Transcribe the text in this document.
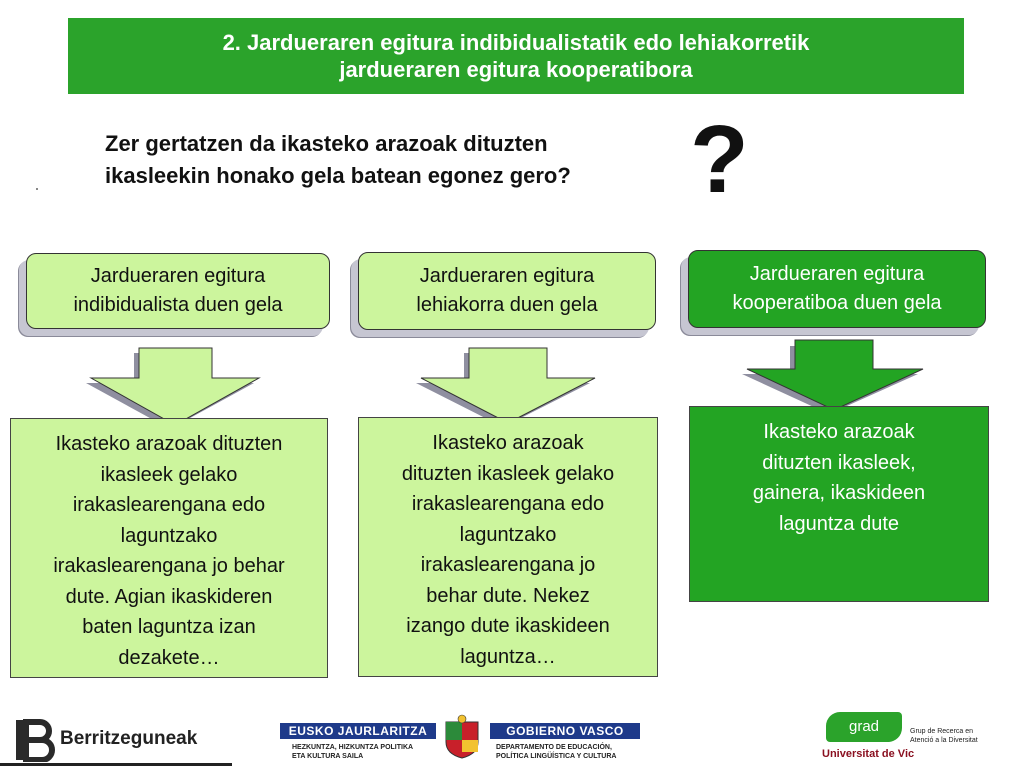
2. Jardueraren egitura indibidualistatik edo lehiakorretik
jardueraren egitura kooperatibora
Zer gertatzen da ikasteko arazoak dituzten
ikasleekin honako gela batean egonez gero?	?
Jardueraren egitura
indibidualista duen gela
Jardueraren egitura
lehiakorra duen gela
Jardueraren egitura
kooperatiboa duen gela
Ikasteko arazoak dituzten
ikasleek gelako
irakaslearengana edo
laguntzako
irakaslearengana jo behar
dute. Agian ikaskideren
baten laguntza izan
dezakete…
Ikasteko arazoak
dituzten ikasleek gelako
irakaslearengana edo
laguntzako
irakaslearengana jo
behar dute. Nekez
izango dute ikaskideen
laguntza…
Ikasteko arazoak
dituzten ikasleek,
gainera, ikaskideen
laguntza dute
Berritzeguneak	EUSKO JAURLARITZA	GOBIERNO VASCO
HEZKUNTZA, HIZKUNTZA POLITIKA
ETA KULTURA SAILA
DEPARTAMENTO DE EDUCACIÓN,
POLÍTICA LINGÜÍSTICA Y CULTURA
grad	Grup de Recerca en
Atenció a la Diversitat
Universitat de Vic
